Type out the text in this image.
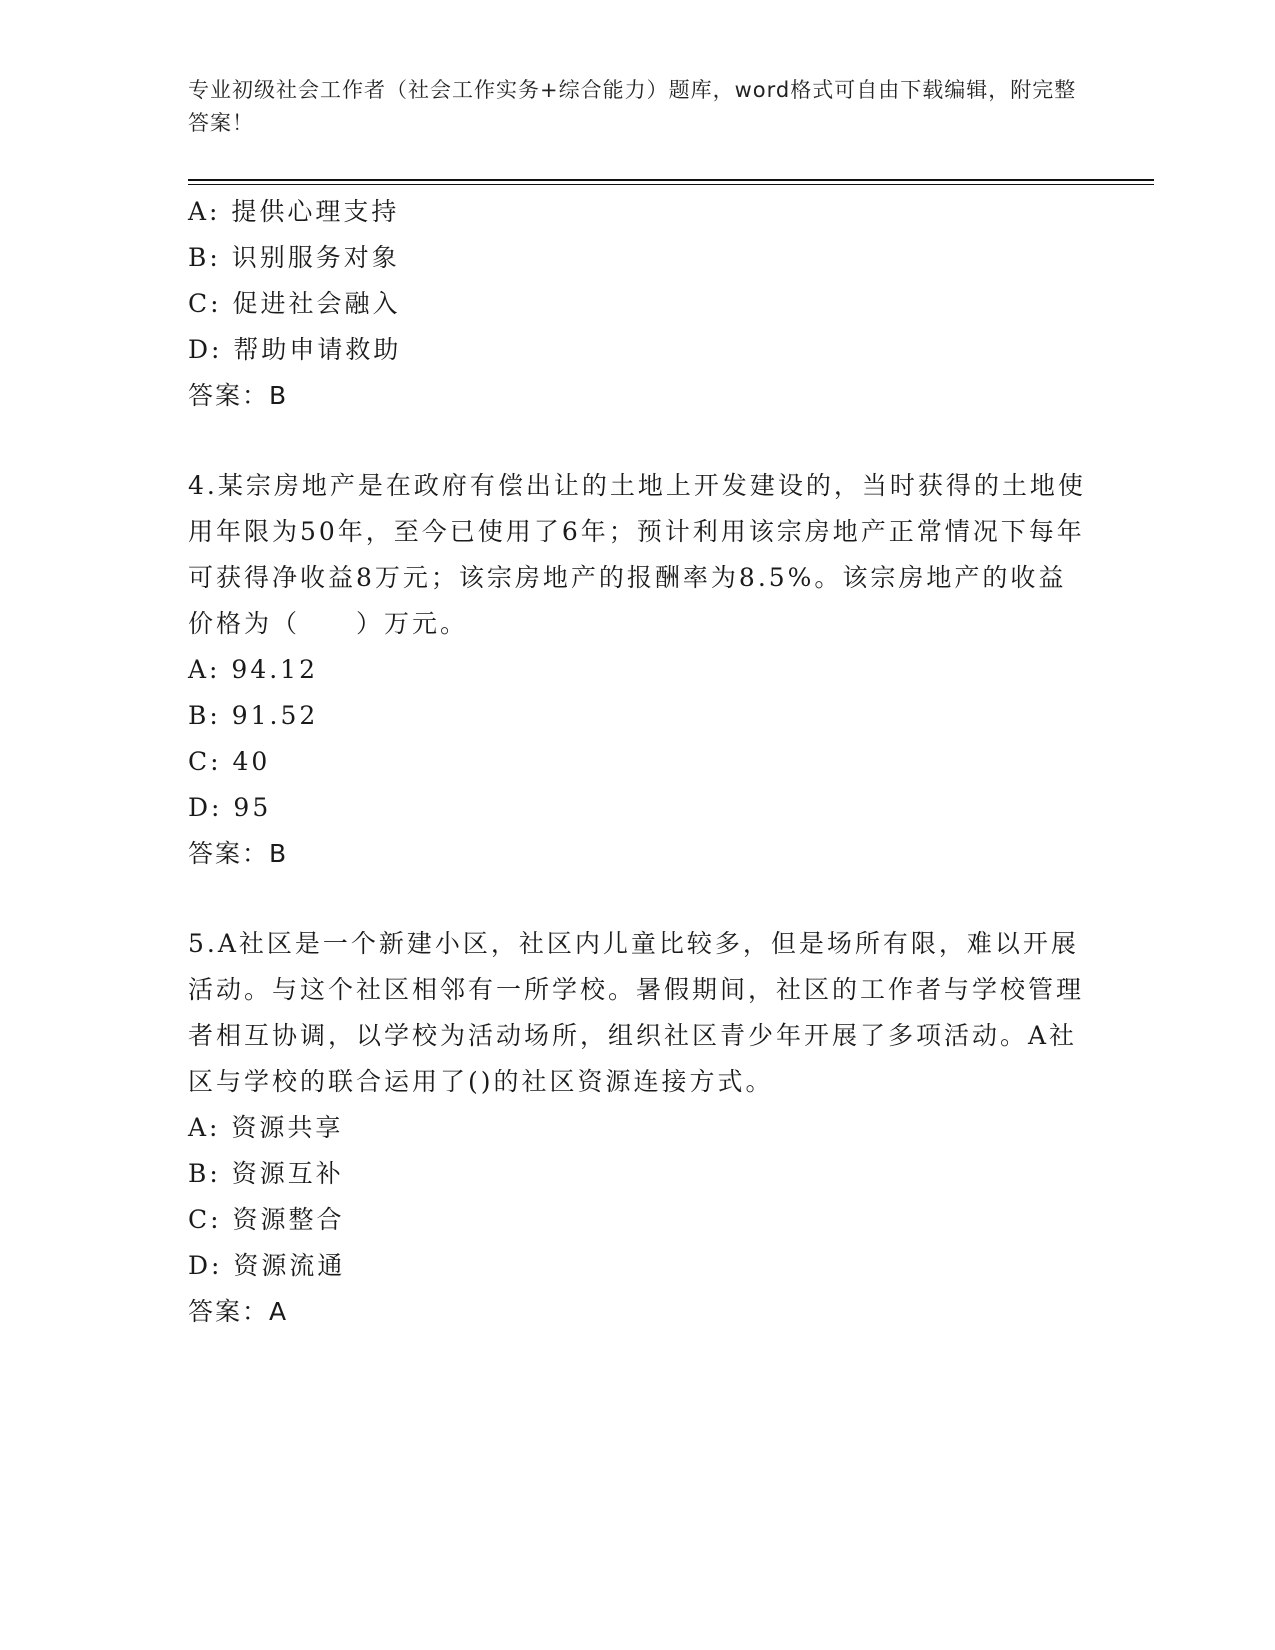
专业初级社会工作者（社会工作实务+综合能力）题库，word格式可自由下载编辑，附完整答案！
A: 提供心理支持
B: 识别服务对象
C: 促进社会融入
D: 帮助申请救助
答案：B
4.某宗房地产是在政府有偿出让的土地上开发建设的，当时获得的土地使用年限为50年，至今已使用了6年；预计利用该宗房地产正常情况下每年可获得净收益8万元；该宗房地产的报酬率为8.5%。该宗房地产的收益价格为（　　）万元。
A: 94.12
B: 91.52
C: 40
D: 95
答案：B
5.A社区是一个新建小区，社区内儿童比较多，但是场所有限，难以开展活动。与这个社区相邻有一所学校。暑假期间，社区的工作者与学校管理者相互协调，以学校为活动场所，组织社区青少年开展了多项活动。A社区与学校的联合运用了()的社区资源连接方式。
A: 资源共享
B: 资源互补
C: 资源整合
D: 资源流通
答案：A
